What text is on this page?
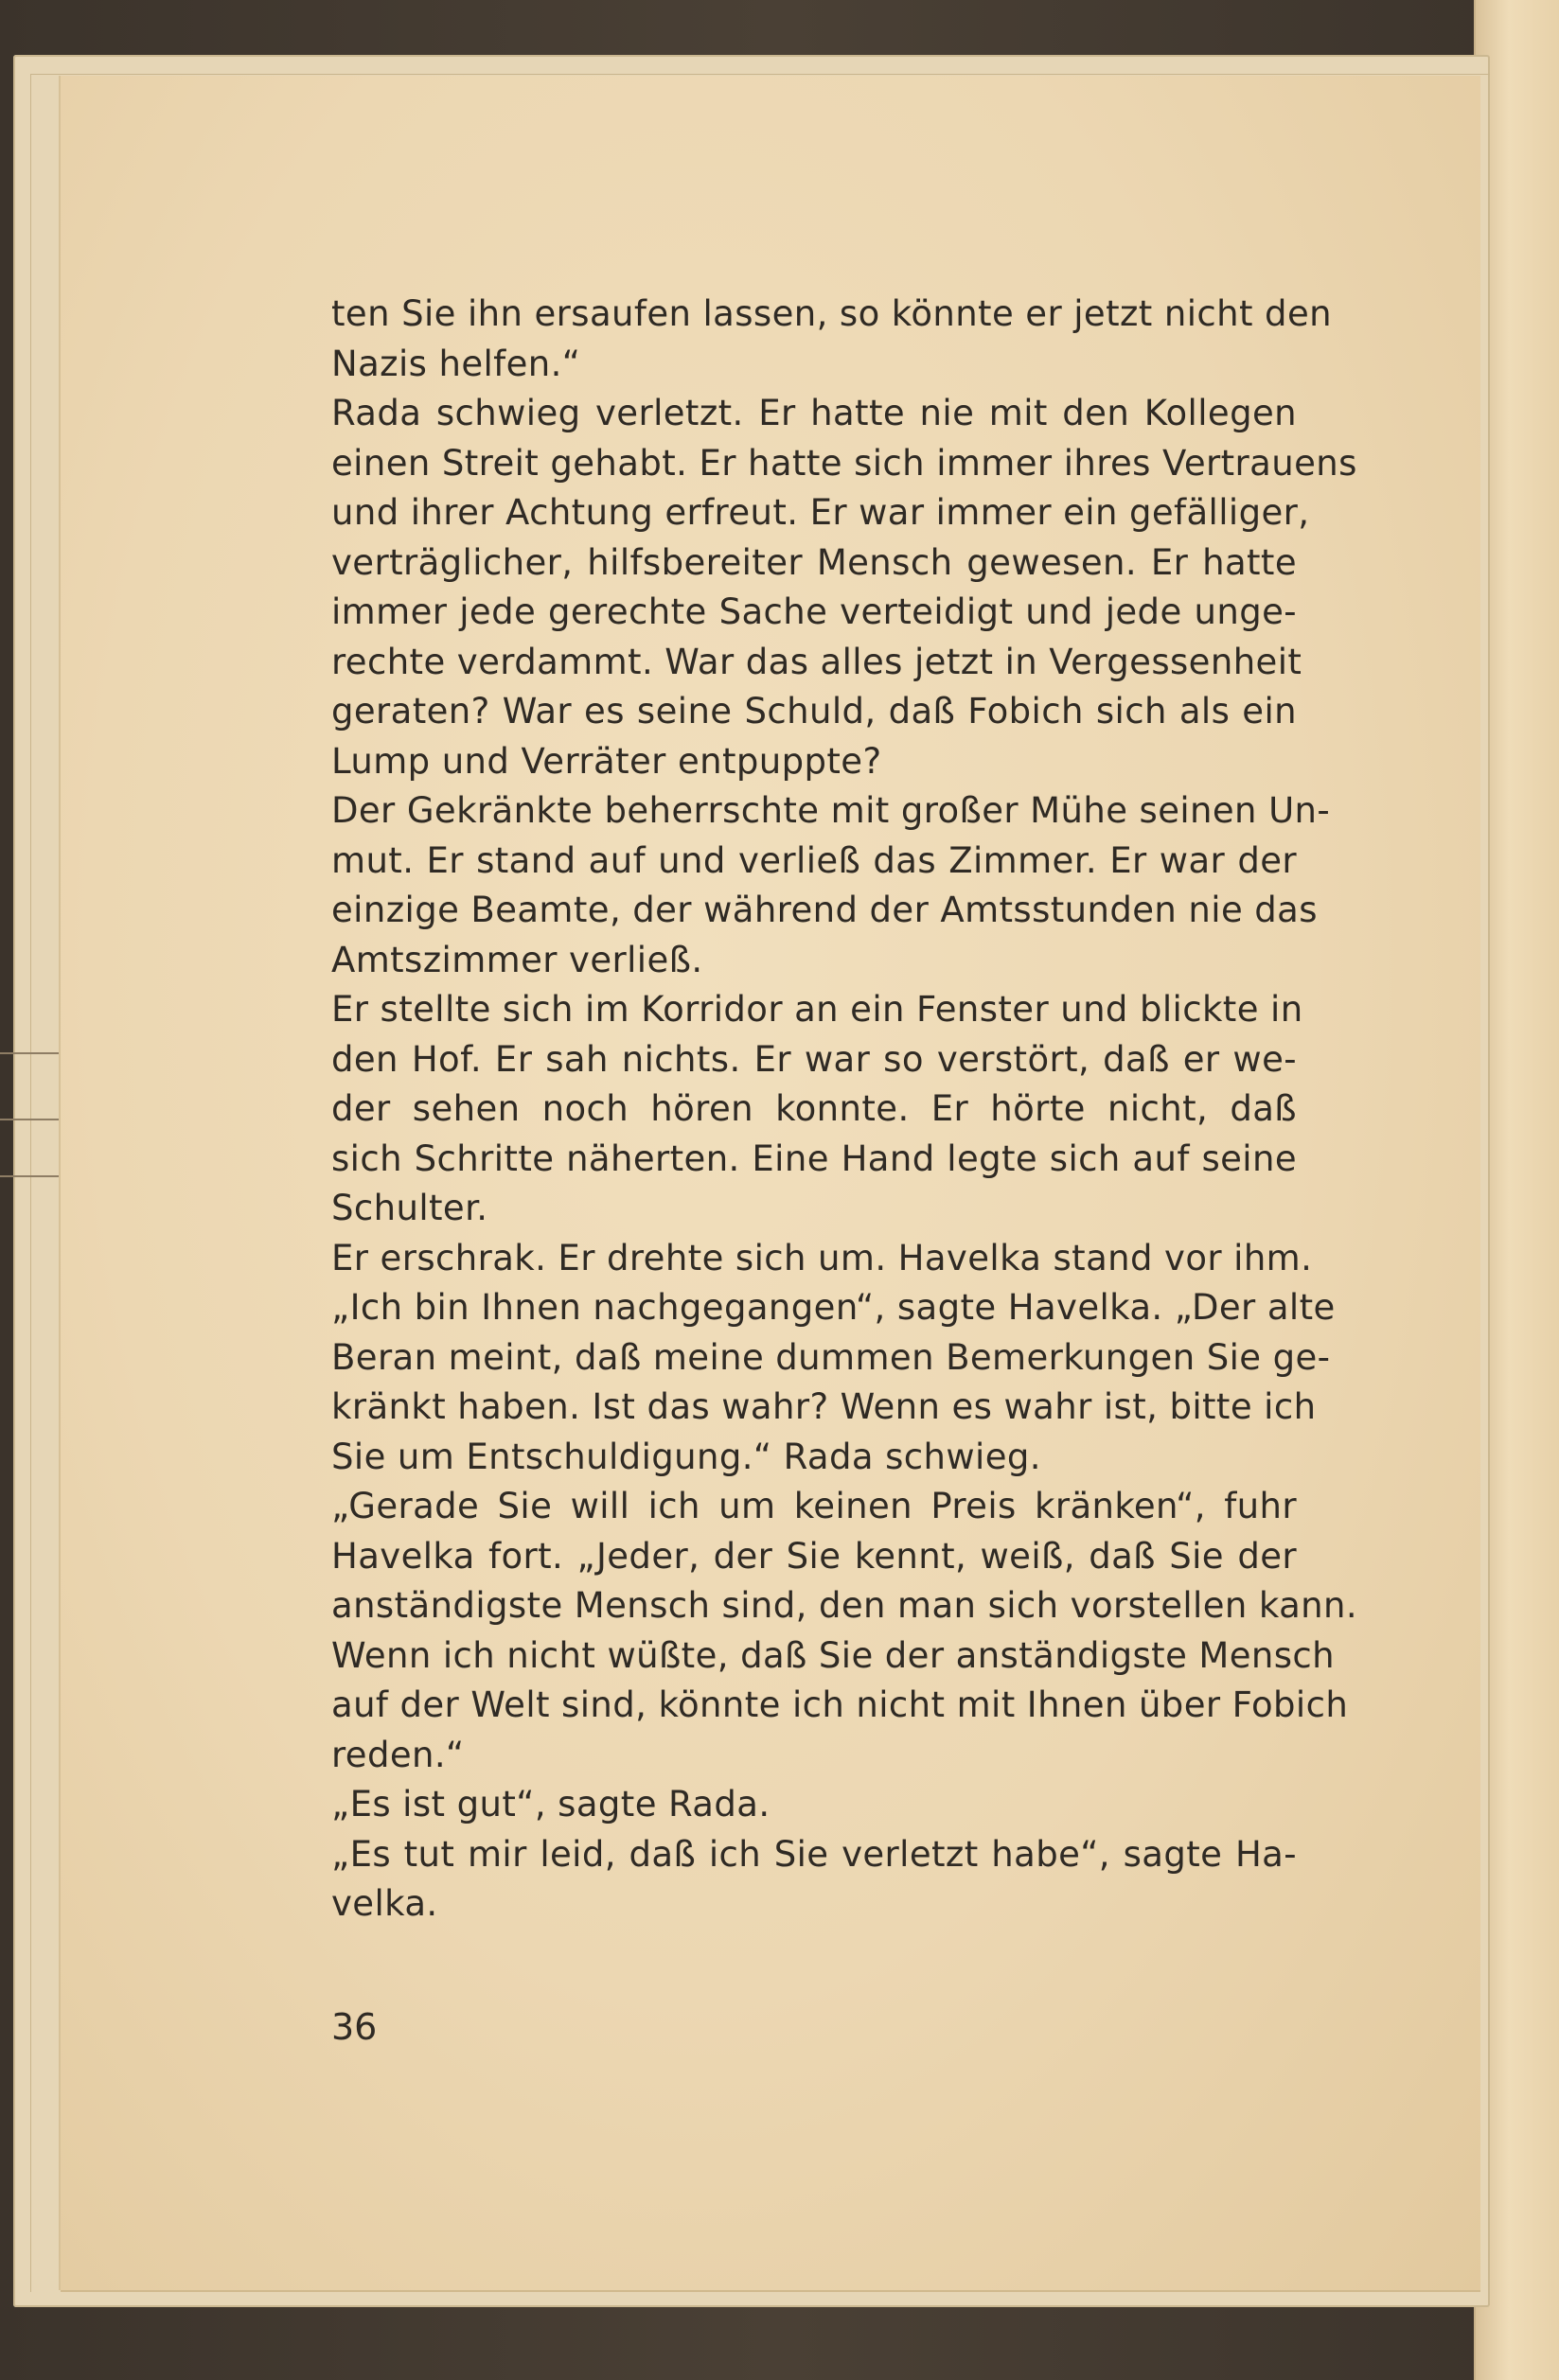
ten Sie ihn ersaufen lassen, so könnte er jetzt nicht den
Nazis helfen.“
Rada schwieg verletzt. Er hatte nie mit den Kollegen
einen Streit gehabt. Er hatte sich immer ihres Vertrauens
und ihrer Achtung erfreut. Er war immer ein gefälliger,
verträglicher, hilfsbereiter Mensch gewesen. Er hatte
immer jede gerechte Sache verteidigt und jede unge-
rechte verdammt. War das alles jetzt in Vergessenheit
geraten? War es seine Schuld, daß Fobich sich als ein
Lump und Verräter entpuppte?
Der Gekränkte beherrschte mit großer Mühe seinen Un-
mut. Er stand auf und verließ das Zimmer. Er war der
einzige Beamte, der während der Amtsstunden nie das
Amtszimmer verließ.
Er stellte sich im Korridor an ein Fenster und blickte in
den Hof. Er sah nichts. Er war so verstört, daß er we-
der sehen noch hören konnte. Er hörte nicht, daß
sich Schritte näherten. Eine Hand legte sich auf seine
Schulter.
Er erschrak. Er drehte sich um. Havelka stand vor ihm.
„Ich bin Ihnen nachgegangen“, sagte Havelka. „Der alte
Beran meint, daß meine dummen Bemerkungen Sie ge-
kränkt haben. Ist das wahr? Wenn es wahr ist, bitte ich
Sie um Entschuldigung.“ Rada schwieg.
„Gerade Sie will ich um keinen Preis kränken“, fuhr
Havelka fort. „Jeder, der Sie kennt, weiß, daß Sie der
anständigste Mensch sind, den man sich vorstellen kann.
Wenn ich nicht wüßte, daß Sie der anständigste Mensch
auf der Welt sind, könnte ich nicht mit Ihnen über Fobich
reden.“
„Es ist gut“, sagte Rada.
„Es tut mir leid, daß ich Sie verletzt habe“, sagte Ha-
velka.
36
